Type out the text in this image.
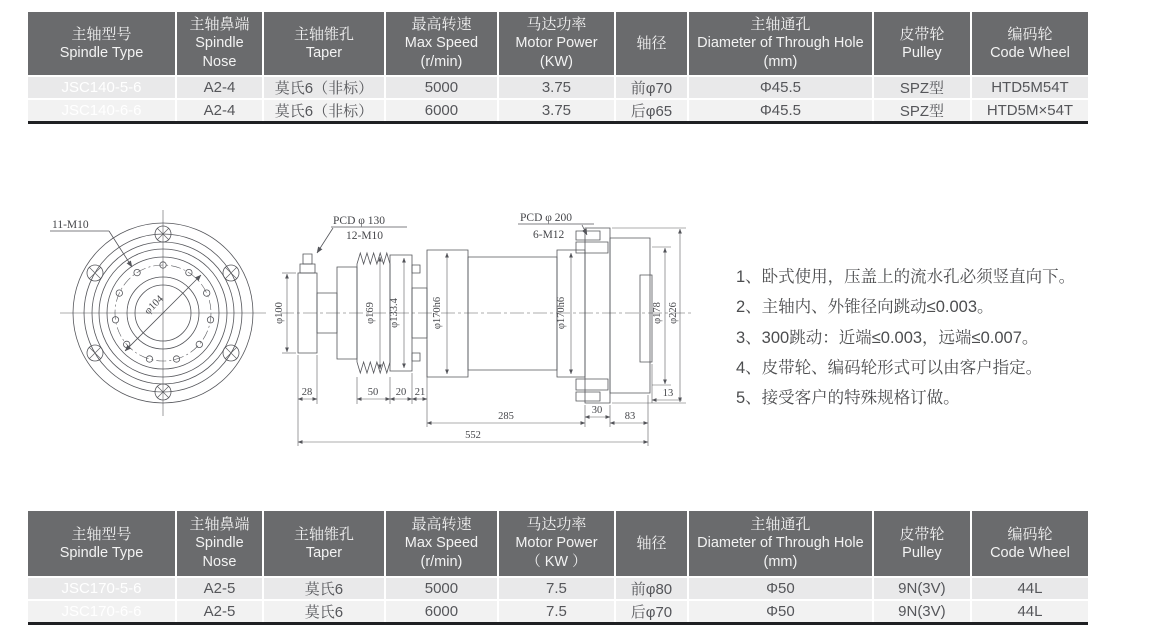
主轴型号
Spindle Type

主轴鼻端
Spindle
Nose

主轴锥孔
Taper

最高转速
Max Speed
(r/min)

马达功率
Motor Power
(KW)

轴径

主轴通孔
Diameter of Through Hole
(mm)

皮带轮
Pulley

编码轮
Code Wheel

JSC140-5-6	A2-4	莫氏6（非标）	5000	3.75	前φ70	Φ45.5	SPZ型	HTD5M54T
JSC140-6-6	A2-4	莫氏6（非标）	6000	3.75	后φ65	Φ45.5	SPZ型	HTD5M×54T
φ104
11-M10
φ169 φ133.4	φ170h6	φ170h6
PCD φ 130
12-M10
PCD φ 200
6-M12
φ100	φ178 φ226
28	50 20 21
285
30
83
552
13

1、卧式使用，压盖上的流水孔必须竖直向下。

2、主轴内、外锥径向跳动≤0.003。

3、300跳动：近端≤0.003，远端≤0.007。

4、皮带轮、编码轮形式可以由客户指定。

5、接受客户的特殊规格订做。

主轴型号
Spindle Type

主轴鼻端
Spindle
Nose

主轴锥孔
Taper

最高转速
Max Speed
(r/min)

马达功率
Motor Power
（ KW ）

轴径

主轴通孔
Diameter of Through Hole
(mm)

皮带轮
Pulley

编码轮
Code Wheel

JSC170-5-6	A2-5	莫氏6	5000	7.5	前φ80	Φ50	9N(3V)	44L
JSC170-6-6	A2-5	莫氏6	6000	7.5	后φ70	Φ50	9N(3V)	44L
